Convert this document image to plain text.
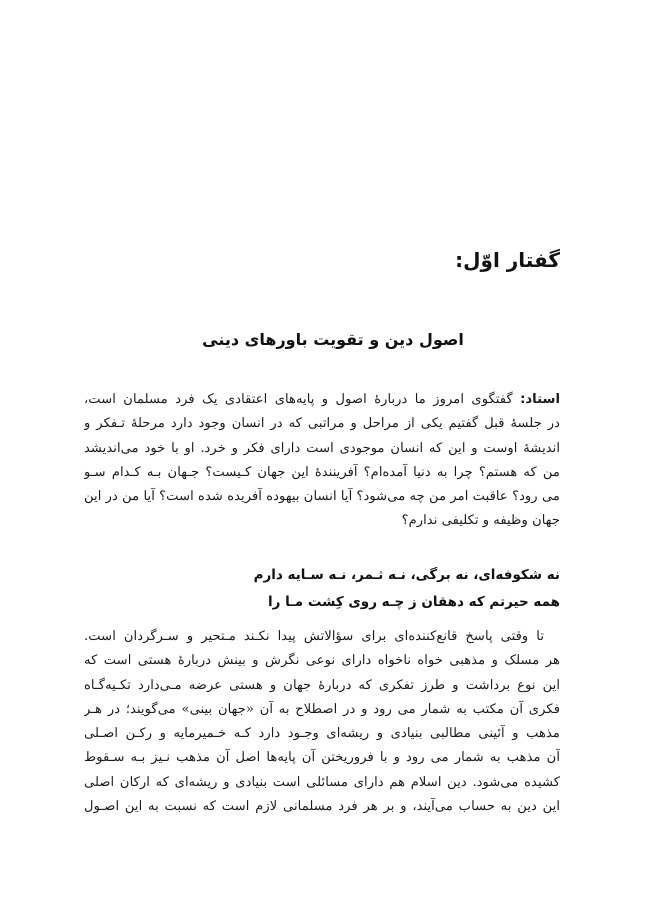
گفتار اوّل:
اصول دین و تقویت باورهای دینی
استاد: گفتگوی امروز ما دربارۀ اصول و پایه‌های اعتقادی یک فرد مسلمان است،
در جلسۀ قبل گفتیم یکی از مراحل و مراتبی که در انسان وجود دارد مرحلۀ تـفکر و
اندیشۀ اوست و این که انسان موجودی است دارای فکر و خرد. او با خود می‌اندیشد
من که هستم؟ چرا به دنیا آمده‌ام؟ آفرینندۀ این جهان کـیست؟ جـهان بـه کـدام سـو
می رود؟ عاقبت امر من چه می‌شود؟ آیا انسان بیهوده آفریده شده است؟ آیا من در این
جهان وظیفه و تکلیفی ندارم؟
نه شکوفه‌ای، نه برگی، نـه ثـمر، نـه سـایه دارم
همه حیرتم که دهقان ز چـه روی کِشت مـا را
تا وقتی پاسخ قانع‌کننده‌ای برای سؤالاتش پیدا نکـند مـتحیر و سـرگردان است.
هر مسلک و مذهبی خواه ناخواه دارای نوعی نگرش و بینش دربارۀ هستی است که
این نوع برداشت و طرز تفکری که دربارۀ جهان و هستی عرضه مـی‌دارد تکـیه‌گـاه
فکری آن مکتب به شمار می رود و در اصطلاح به آن «جهان بینی» می‌گویند؛ در هـر
مذهب و آئینی مطالبی بنیادی و ریشه‌ای وجـود دارد کـه خـمیرمایه و رکـن اصـلی
آن مذهب به شمار می رود و با فروریختن آن پایه‌ها اصل آن مذهب نـیز بـه سـقوط
کشیده می‌شود. دین اسلام هم دارای مسائلی است بنیادی و ریشه‌ای که ارکان اصلی
این دین به حساب می‌آیند، و بر هر فرد مسلمانی لازم است که نسبت به این اصـول
